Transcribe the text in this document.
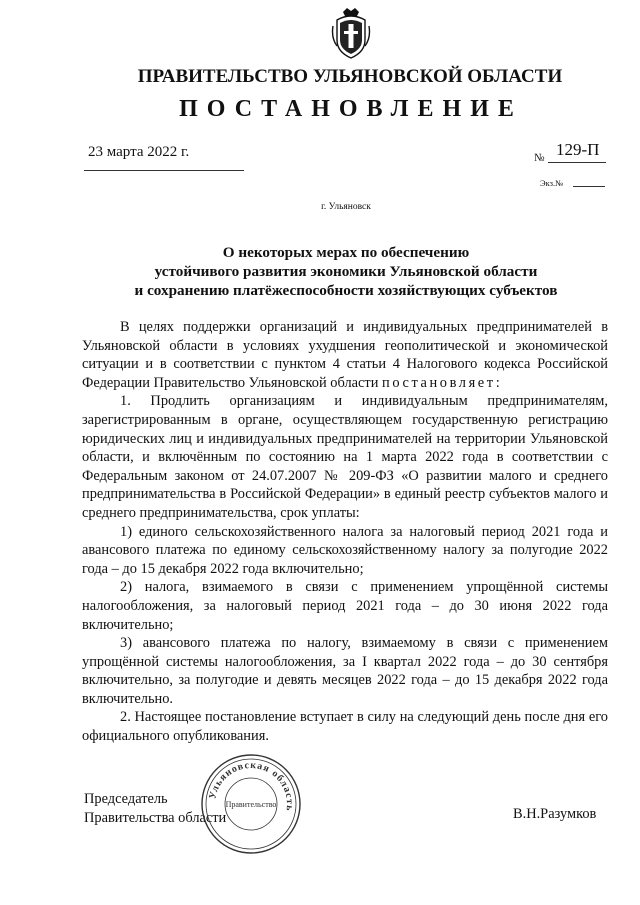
ПРАВИТЕЛЬСТВО УЛЬЯНОВСКОЙ ОБЛАСТИ
ПОСТАНОВЛЕНИЕ
23 марта 2022 г.	№ 129-П
Экз.№
г. Ульяновск
О некоторых мерах по обеспечению
устойчивого развития экономики Ульяновской области
и сохранению платёжеспособности хозяйствующих субъектов

В целях поддержки организаций и индивидуальных предпринимателей в Ульяновской области в условиях ухудшения геополитической и экономической ситуации и в соответствии с пунктом 4 статьи 4 Налогового кодекса Российской Федерации Правительство Ульяновской области постановляет:

1. Продлить организациям и индивидуальным предпринимателям, зарегистрированным в органе, осуществляющем государственную регистрацию юридических лиц и индивидуальных предпринимателей на территории Ульяновской области, и включённым по состоянию на 1 марта 2022 года в соответствии с Федеральным законом от 24.07.2007 № 209-ФЗ «О развитии малого и среднего предпринимательства в Российской Федерации» в единый реестр субъектов малого и среднего предпринимательства, срок уплаты:

1) единого сельскохозяйственного налога за налоговый период 2021 года и авансового платежа по единому сельскохозяйственному налогу за полугодие 2022 года – до 15 декабря 2022 года включительно;

2) налога, взимаемого в связи с применением упрощённой системы налогообложения, за налоговый период 2021 года – до 30 июня 2022 года включительно;

3) авансового платежа по налогу, взимаемому в связи с применением упрощённой системы налогообложения, за I квартал 2022 года – до 30 сентября включительно, за полугодие и девять месяцев 2022 года – до 15 декабря 2022 года включительно.

2. Настоящее постановление вступает в силу на следующий день после дня его официального опубликования.

Председатель
Правительства области	В.Н.Разумков
Ульяновская область
Правительство
